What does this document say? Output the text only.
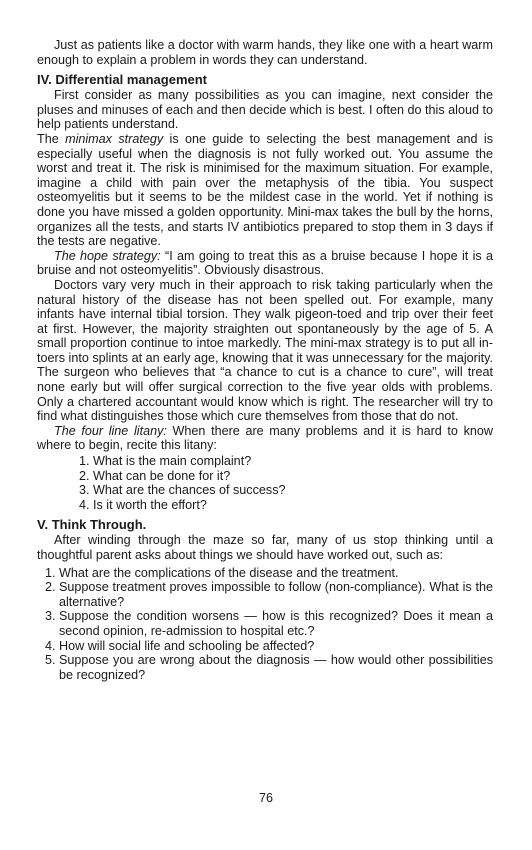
Just as patients like a doctor with warm hands, they like one with a heart warm enough to explain a problem in words they can understand.

IV. Differential management

First consider as many possibilities as you can imagine, next consider the pluses and minuses of each and then decide which is best. I often do this aloud to help patients understand.

The minimax strategy is one guide to selecting the best management and is especially useful when the diagnosis is not fully worked out. You assume the worst and treat it. The risk is minimised for the maximum situation. For example, imagine a child with pain over the metaphysis of the tibia. You suspect osteomyelitis but it seems to be the mildest case in the world. Yet if nothing is done you have missed a golden opportunity. Mini-max takes the bull by the horns, organizes all the tests, and starts IV antibiotics prepared to stop them in 3 days if the tests are negative.

The hope strategy: “I am going to treat this as a bruise because I hope it is a bruise and not osteomyelitis”. Obviously disastrous.

Doctors vary very much in their approach to risk taking particularly when the natural history of the disease has not been spelled out. For example, many infants have internal tibial torsion. They walk pigeon-toed and trip over their feet at first. However, the majority straighten out spontaneously by the age of 5. A small proportion continue to intoe markedly. The mini-max strategy is to put all in-toers into splints at an early age, knowing that it was unnecessary for the majority. The surgeon who believes that “a chance to cut is a chance to cure”, will treat none early but will offer surgical correction to the five year olds with problems. Only a chartered accountant would know which is right. The researcher will try to find what distinguishes those which cure themselves from those that do not.

The four line litany: When there are many problems and it is hard to know where to begin, recite this litany:

1. What is the main complaint?
2. What can be done for it?
3. What are the chances of success?
4. Is it worth the effort?
V. Think Through.

After winding through the maze so far, many of us stop thinking until a thoughtful parent asks about things we should have worked out, such as:

1. What are the complications of the disease and the treatment.
2. Suppose treatment proves impossible to follow (non-compliance). What is the alternative?
3. Suppose the condition worsens — how is this recognized? Does it mean a second opinion, re-admission to hospital etc.?
4. How will social life and schooling be affected?
5. Suppose you are wrong about the diagnosis — how would other possibilities be recognized?
76
